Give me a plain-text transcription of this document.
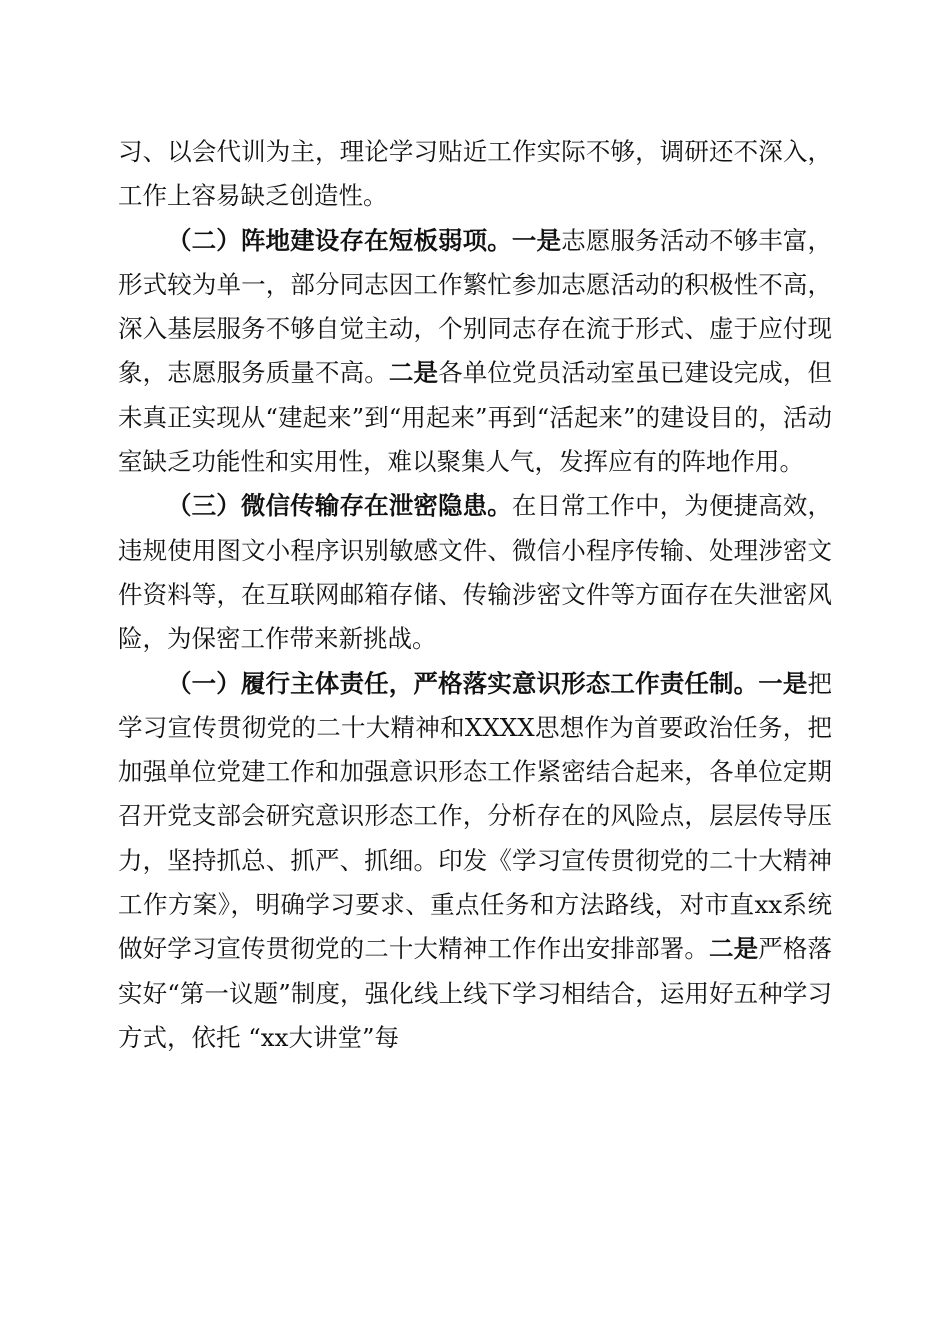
习、以会代训为主，理论学习贴近工作实际不够，调研还不深入，工作上容易缺乏创造性。

（二）阵地建设存在短板弱项。一是志愿服务活动不够丰富，形式较为单一，部分同志因工作繁忙参加志愿活动的积极性不高，深入基层服务不够自觉主动，个别同志存在流于形式、虚于应付现象，志愿服务质量不高。二是各单位党员活动室虽已建设完成，但未真正实现从“建起来”到“用起来”再到“活起来”的建设目的，活动室缺乏功能性和实用性，难以聚集人气，发挥应有的阵地作用。

（三）微信传输存在泄密隐患。在日常工作中，为便捷高效，违规使用图文小程序识别敏感文件、微信小程序传输、处理涉密文件资料等，在互联网邮箱存储、传输涉密文件等方面存在失泄密风险，为保密工作带来新挑战。

（一）履行主体责任，严格落实意识形态工作责任制。一是把学习宣传贯彻党的二十大精神和XXXX思想作为首要政治任务，把加强单位党建工作和加强意识形态工作紧密结合起来，各单位定期召开党支部会研究意识形态工作，分析存在的风险点，层层传导压力，坚持抓总、抓严、抓细。印发《学习宣传贯彻党的二十大精神工作方案》，明确学习要求、重点任务和方法路线，对市直xx系统做好学习宣传贯彻党的二十大精神工作作出安排部署。二是严格落实好“第一议题”制度，强化线上线下学习相结合，运用好五种学习方式，依托 “xx大讲堂”每
